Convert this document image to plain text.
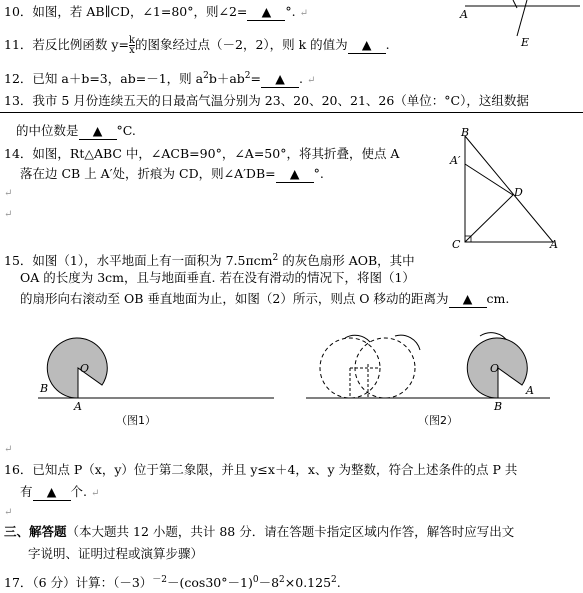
10．如图，若 AB∥CD，∠1=80°，则∠2= ▲ °. ↵	A
E
11．若反比例函数 $y= \frac{k}{x}$ 的图象经过点（－2，2），则 k 的值为 ▲ .
12．已知 a＋b=3，ab=－1，则 $a^2b+ab^2=$ ▲ . ↵
13．我市 5 月份连续五天的日最高气温分别为 23、20、20、21、26（单位：°C），这组数据
的中位数是 ▲ °C.
14．如图，Rt△ABC 中，∠ACB=90°，∠A=50°，将其折叠，使点 A
落在边 CB 上 A′处，折痕为 CD，则∠A′DB= ▲ °.
↵
↵
B
A′
D
C	A
15．如图（1），水平地面上有一面积为 7.5πcm$^2$ 的灰色扇形 AOB，其中
OA 的长度为 3cm，且与地面垂直. 若在没有滑动的情况下，将图（1）
的扇形向右滚动至 OB 垂直地面为止，如图（2）所示，则点 O 移动的距离为 ▲ cm.
O
B
A
（图1）
O
B
A
（图2）
↵
16．已知点 P（x，y）位于第二象限，并且 y≤x＋4，x、y 为整数，符合上述条件的点 P 共
有 ▲ 个. ↵
↵
三、解答题（本大题共 12 小题，共计 88 分．请在答题卡指定区域内作答，解答时应写出文
字说明、证明过程或演算步骤）
17．（6 分）计算：$(-3)^{-2}-(\cos 30^\circ-1)^0-8^2\times 0.125^2$.
